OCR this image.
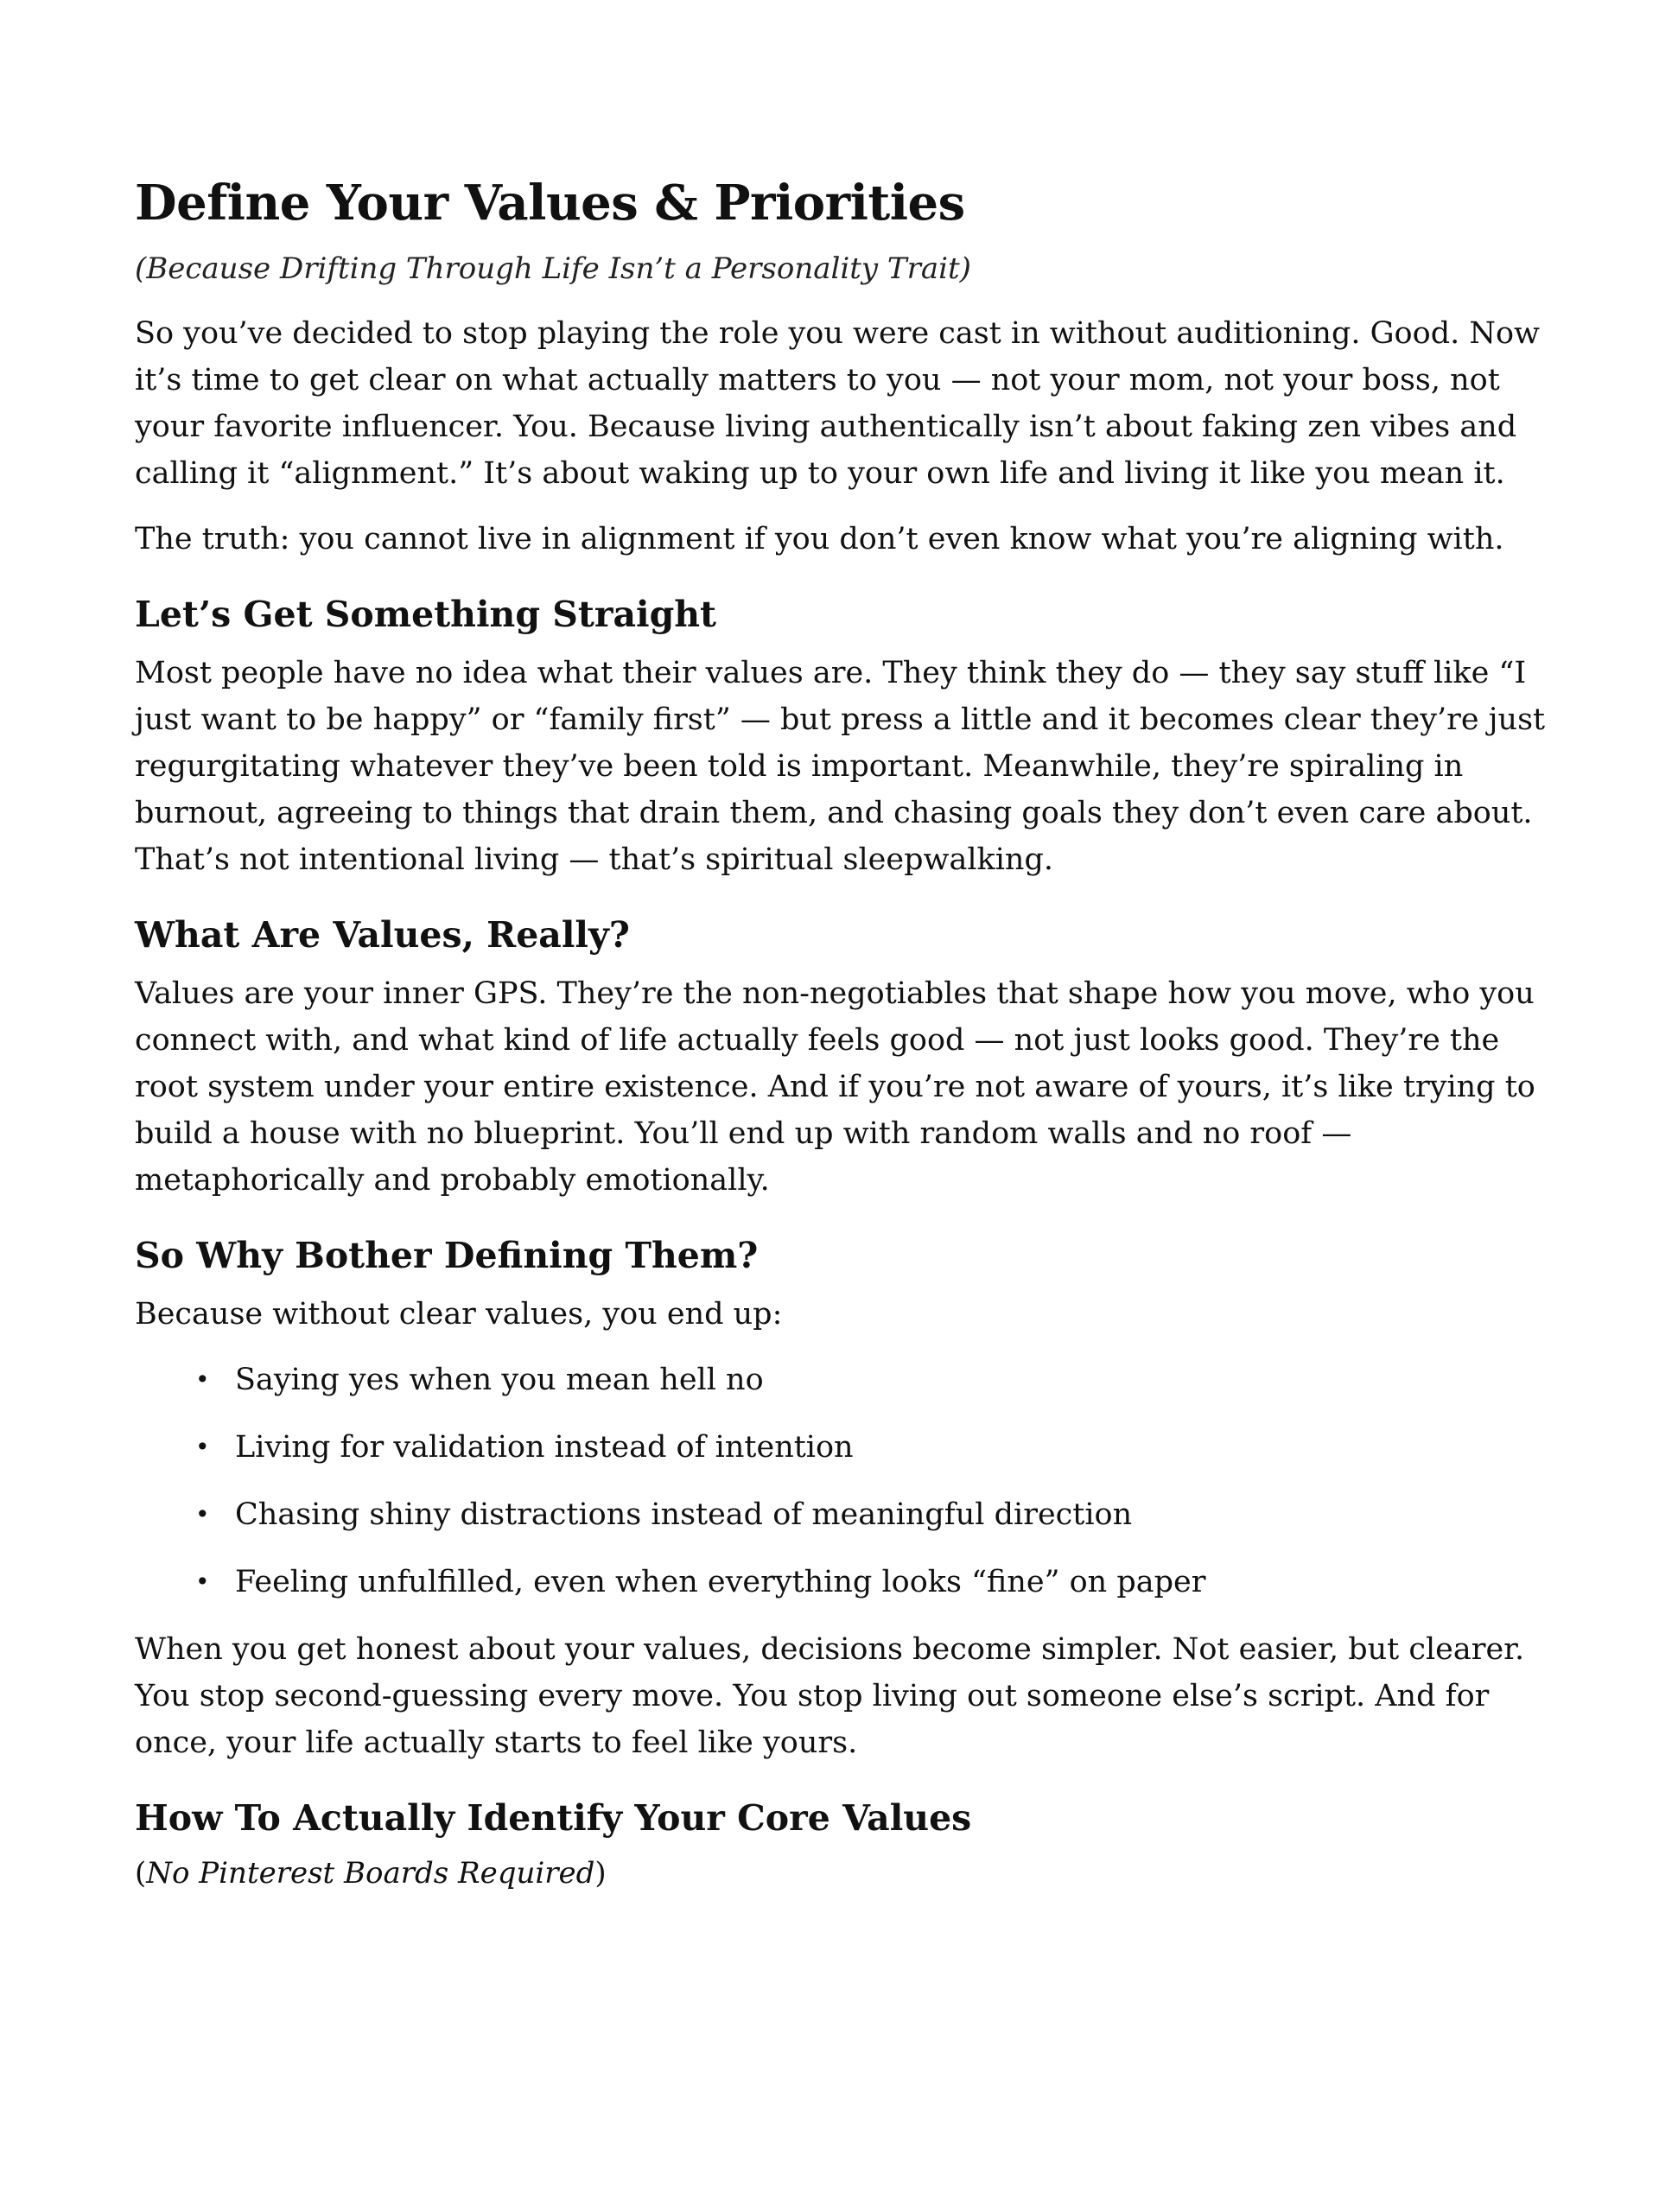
Define Your Values & Priorities
(Because Drifting Through Life Isn’t a Personality Trait)

So you’ve decided to stop playing the role you were cast in without auditioning. Good. Now it’s time to get clear on what actually matters to you — not your mom, not your boss, not your favorite influencer. You. Because living authentically isn’t about faking zen vibes and calling it “alignment.” It’s about waking up to your own life and living it like you mean it.

The truth: you cannot live in alignment if you don’t even know what you’re aligning with.

Let’s Get Something Straight

Most people have no idea what their values are. They think they do — they say stuff like “I just want to be happy” or “family first” — but press a little and it becomes clear they’re just regurgitating whatever they’ve been told is important. Meanwhile, they’re spiraling in burnout, agreeing to things that drain them, and chasing goals they don’t even care about. That’s not intentional living — that’s spiritual sleepwalking.

What Are Values, Really?

Values are your inner GPS. They’re the non-negotiables that shape how you move, who you connect with, and what kind of life actually feels good — not just looks good. They’re the root system under your entire existence. And if you’re not aware of yours, it’s like trying to build a house with no blueprint. You’ll end up with random walls and no roof — metaphorically and probably emotionally.

So Why Bother Defining Them?

Because without clear values, you end up:

• Saying yes when you mean hell no
• Living for validation instead of intention
• Chasing shiny distractions instead of meaningful direction
• Feeling unfulfilled, even when everything looks “fine” on paper

When you get honest about your values, decisions become simpler. Not easier, but clearer. You stop second-guessing every move. You stop living out someone else’s script. And for once, your life actually starts to feel like yours.

How To Actually Identify Your Core Values
(No Pinterest Boards Required)
